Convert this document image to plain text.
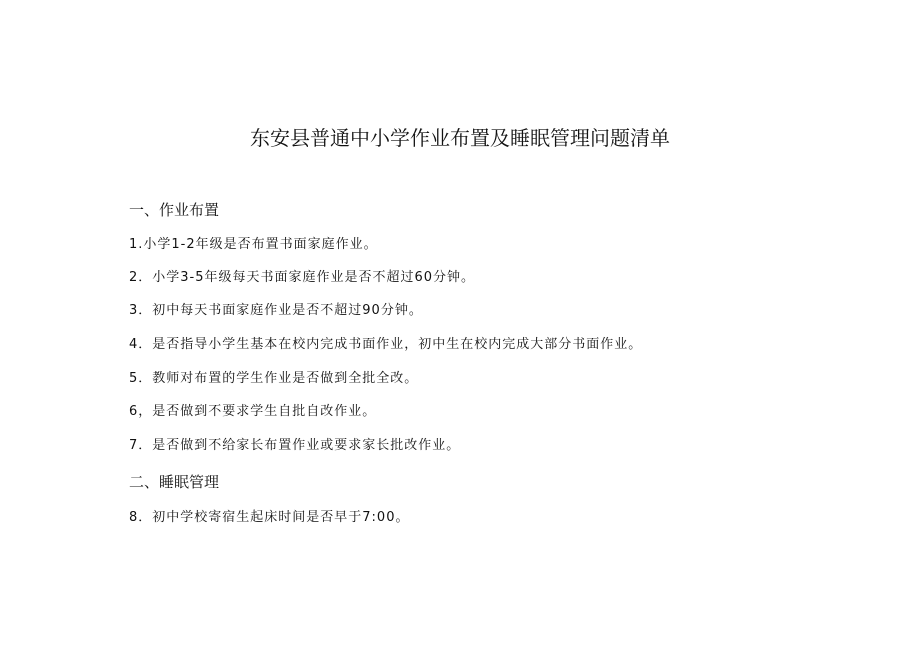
东安县普通中小学作业布置及睡眠管理问题清单
一、作业布置

1.小学1-2年级是否布置书面家庭作业。

2．小学3-5年级每天书面家庭作业是否不超过60分钟。

3．初中每天书面家庭作业是否不超过90分钟。

4．是否指导小学生基本在校内完成书面作业，初中生在校内完成大部分书面作业。

5．教师对布置的学生作业是否做到全批全改。

6，是否做到不要求学生自批自改作业。

7．是否做到不给家长布置作业或要求家长批改作业。

二、睡眠管理

8．初中学校寄宿生起床时间是否早于7:00。
